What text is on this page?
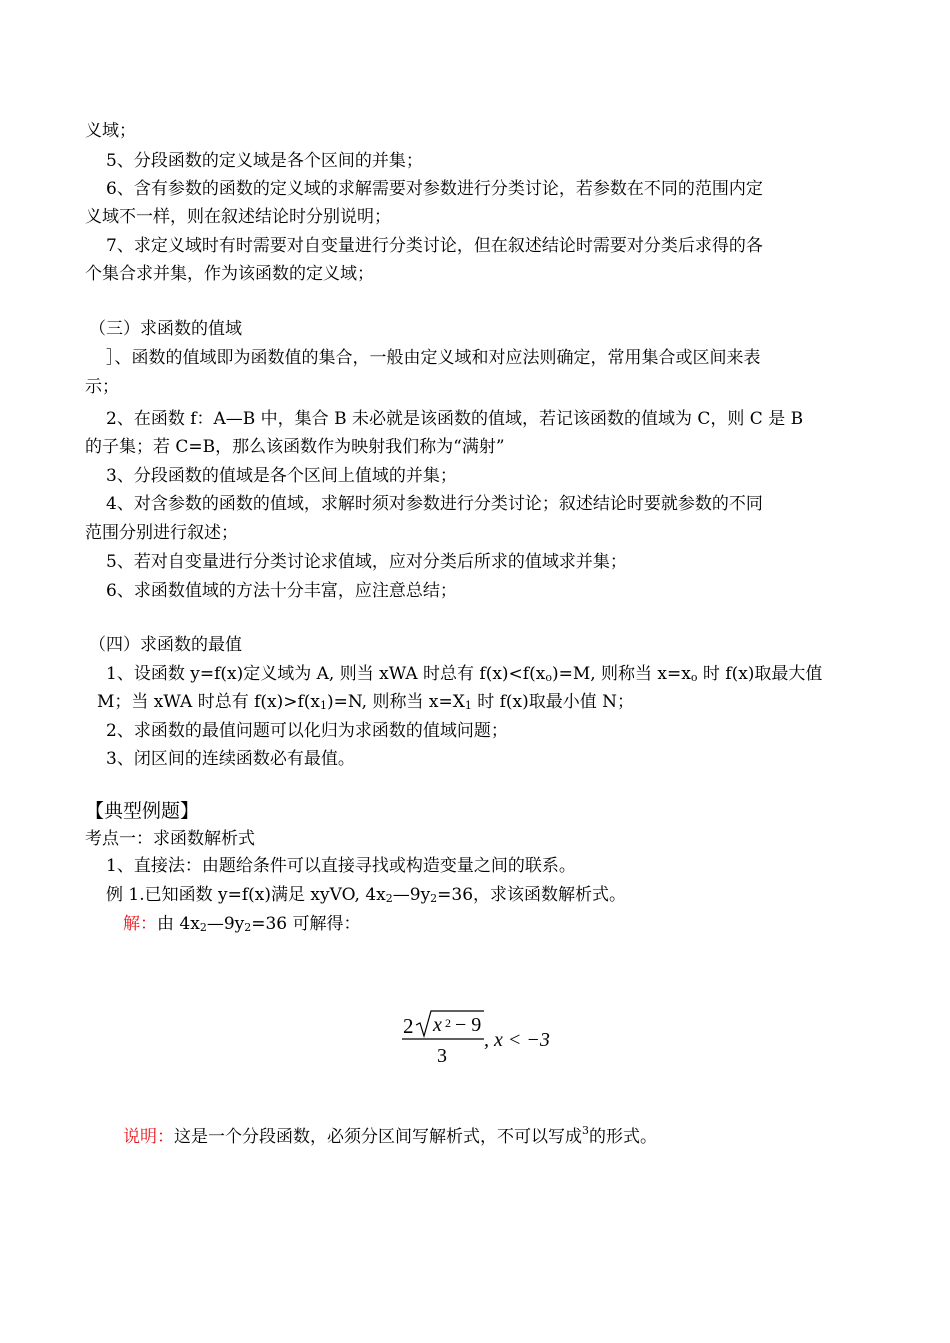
义域；
5、分段函数的定义域是各个区间的并集；
6、含有参数的函数的定义域的求解需要对参数进行分类讨论，若参数在不同的范围内定
义域不一样，则在叙述结论时分别说明；
7、求定义域时有时需要对自变量进行分类讨论，但在叙述结论时需要对分类后求得的各
个集合求并集，作为该函数的定义域；
（三）求函数的值域
］、函数的值域即为函数值的集合，一般由定义域和对应法则确定，常用集合或区间来表
示；
2、在函数 f：A—B 中，集合 B 未必就是该函数的值域，若记该函数的值域为 C，则 C 是 B
的子集；若 C=B，那么该函数作为映射我们称为“满射”
3、分段函数的值域是各个区间上值域的并集；
4、对含参数的函数的值域，求解时须对参数进行分类讨论；叙述结论时要就参数的不同
范围分别进行叙述；
5、若对自变量进行分类讨论求值域，应对分类后所求的值域求并集；
6、求函数值域的方法十分丰富，应注意总结；
（四）求函数的最值
1、设函数 y=f(x)定义域为 A, 则当 xWA 时总有 f(x)<f(xo)=M, 则称当 x=xo 时 f(x)取最大值
M；当 xWA 时总有 f(x)>f(x1)=N, 则称当 x=X1 时 f(x)取最小值 N；
2、求函数的最值问题可以化归为求函数的值域问题；
3、闭区间的连续函数必有最值。
【典型例题】
考点一：求函数解析式
1、直接法：由题给条件可以直接寻找或构造变量之间的联系。
例 1.已知函数 y=f(x)满足 xyVO, 4x2—9y2=36，求该函数解析式。
解：由 4x2—9y2=36 可解得：
2 x 2 − 9
3
, x < −3
说明：这是一个分段函数，必须分区间写解析式，不可以写成$^3$的形式。
